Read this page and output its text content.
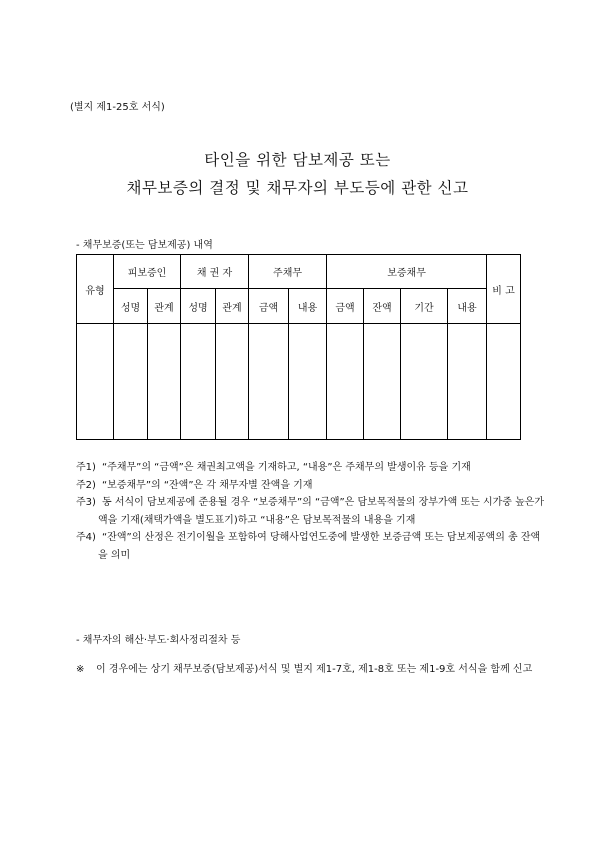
(별지 제1-25호 서식)
타인을 위한 담보제공 또는
채무보증의 결정 및 채무자의 부도등에 관한 신고
- 채무보증(또는 담보제공) 내역
유형	피보증인		채 권 자		주채무		보증채무				비 고
	성명	관계	성명	관계	금액	내용	금액	잔액	기간	내용	

주1) “주채무”의 “금액”은 채권최고액을 기재하고, “내용”은 주채무의 발생이유 등을 기재
주2) “보증채무”의 “잔액”은 각 채무자별 잔액을 기재
주3) 동 서식이 담보제공에 준용될 경우 “보증채무”의 “금액”은 담보목적물의 장부가액 또는 시가중 높은가액을 기재(채택가액을 별도표기)하고 “내용”은 담보목적물의 내용을 기재
주4) “잔액”의 산정은 전기이월을 포함하여 당해사업연도중에 발생한 보증금액 또는 담보제공액의 총 잔액을 의미
- 채무자의 해산·부도·회사정리절차 등
※	이 경우에는 상기 채무보증(담보제공)서식 및 별지 제1-7호, 제1-8호 또는 제1-9호 서식을 함께 신고
